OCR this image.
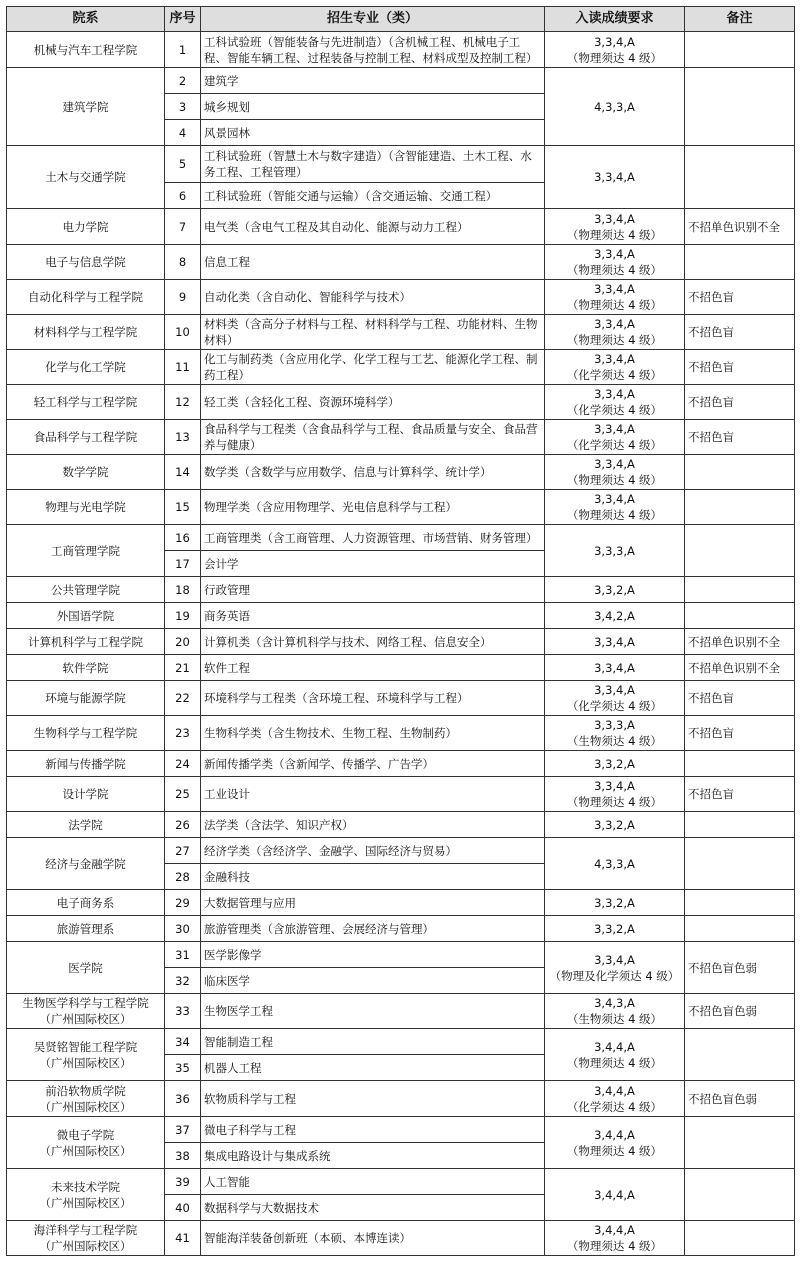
院系	序号	招生专业（类）	入读成绩要求	备注
机械与汽车工程学院	1	工科试验班（智能装备与先进制造）（含机械工程、机械电子工程、智能车辆工程、过程装备与控制工程、材料成型及控制工程）	3,3,4,A
（物理须达 4 级）	
建筑学院	2	建筑学	4,3,3,A	
	3	城乡规划		
	4	风景园林		
土木与交通学院	5	工科试验班（智慧土木与数字建造）（含智能建造、土木工程、水务工程、工程管理）	3,3,4,A	
	6	工科试验班（智能交通与运输）（含交通运输、交通工程）		
电力学院	7	电气类（含电气工程及其自动化、能源与动力工程）	3,3,4,A
（物理须达 4 级）	不招单色识别不全
电子与信息学院	8	信息工程	3,3,4,A
（物理须达 4 级）	
自动化科学与工程学院	9	自动化类（含自动化、智能科学与技术）	3,3,4,A
（物理须达 4 级）	不招色盲
材料科学与工程学院	10	材料类（含高分子材料与工程、材料科学与工程、功能材料、生物材料）	3,3,4,A
（物理须达 4 级）	不招色盲
化学与化工学院	11	化工与制药类（含应用化学、化学工程与工艺、能源化学工程、制药工程）	3,3,4,A
（化学须达 4 级）	不招色盲
轻工科学与工程学院	12	轻工类（含轻化工程、资源环境科学）	3,3,4,A
（化学须达 4 级）	不招色盲
食品科学与工程学院	13	食品科学与工程类（含食品科学与工程、食品质量与安全、食品营养与健康）	3,3,4,A
（化学须达 4 级）	不招色盲
数学学院	14	数学类（含数学与应用数学、信息与计算科学、统计学）	3,3,4,A
（物理须达 4 级）	
物理与光电学院	15	物理学类（含应用物理学、光电信息科学与工程）	3,3,4,A
（物理须达 4 级）	
工商管理学院	16	工商管理类（含工商管理、人力资源管理、市场营销、财务管理）	3,3,3,A	
	17	会计学		
公共管理学院	18	行政管理	3,3,2,A	
外国语学院	19	商务英语	3,4,2,A	
计算机科学与工程学院	20	计算机类（含计算机科学与技术、网络工程、信息安全）	3,3,4,A	不招单色识别不全
软件学院	21	软件工程	3,3,4,A	不招单色识别不全
环境与能源学院	22	环境科学与工程类（含环境工程、环境科学与工程）	3,3,4,A
（化学须达 4 级）	不招色盲
生物科学与工程学院	23	生物科学类（含生物技术、生物工程、生物制药）	3,3,3,A
（生物须达 4 级）	不招色盲
新闻与传播学院	24	新闻传播学类（含新闻学、传播学、广告学）	3,3,2,A	
设计学院	25	工业设计	3,3,4,A
（物理须达 4 级）	不招色盲
法学院	26	法学类（含法学、知识产权）	3,3,2,A	
经济与金融学院	27	经济学类（含经济学、金融学、国际经济与贸易）	4,3,3,A	
	28	金融科技		
电子商务系	29	大数据管理与应用	3,3,2,A	
旅游管理系	30	旅游管理类（含旅游管理、会展经济与管理）	3,3,2,A	
医学院	31	医学影像学	3,3,4,A
（物理及化学须达 4 级）	不招色盲色弱
	32	临床医学		
生物医学科学与工程学院
（广州国际校区）	33	生物医学工程	3,4,3,A
（生物须达 4 级）	不招色盲色弱
吴贤铭智能工程学院
（广州国际校区）	34	智能制造工程	3,4,4,A
（物理须达 4 级）	
	35	机器人工程		
前沿软物质学院
（广州国际校区）	36	软物质科学与工程	3,4,4,A
（化学须达 4 级）	不招色盲色弱
微电子学院
（广州国际校区）	37	微电子科学与工程	3,4,4,A
（物理须达 4 级）	
	38	集成电路设计与集成系统		
未来技术学院
（广州国际校区）	39	人工智能	3,4,4,A	
	40	数据科学与大数据技术		
海洋科学与工程学院
（广州国际校区）	41	智能海洋装备创新班（本硕、本博连读）	3,4,4,A
（物理须达 4 级）	
